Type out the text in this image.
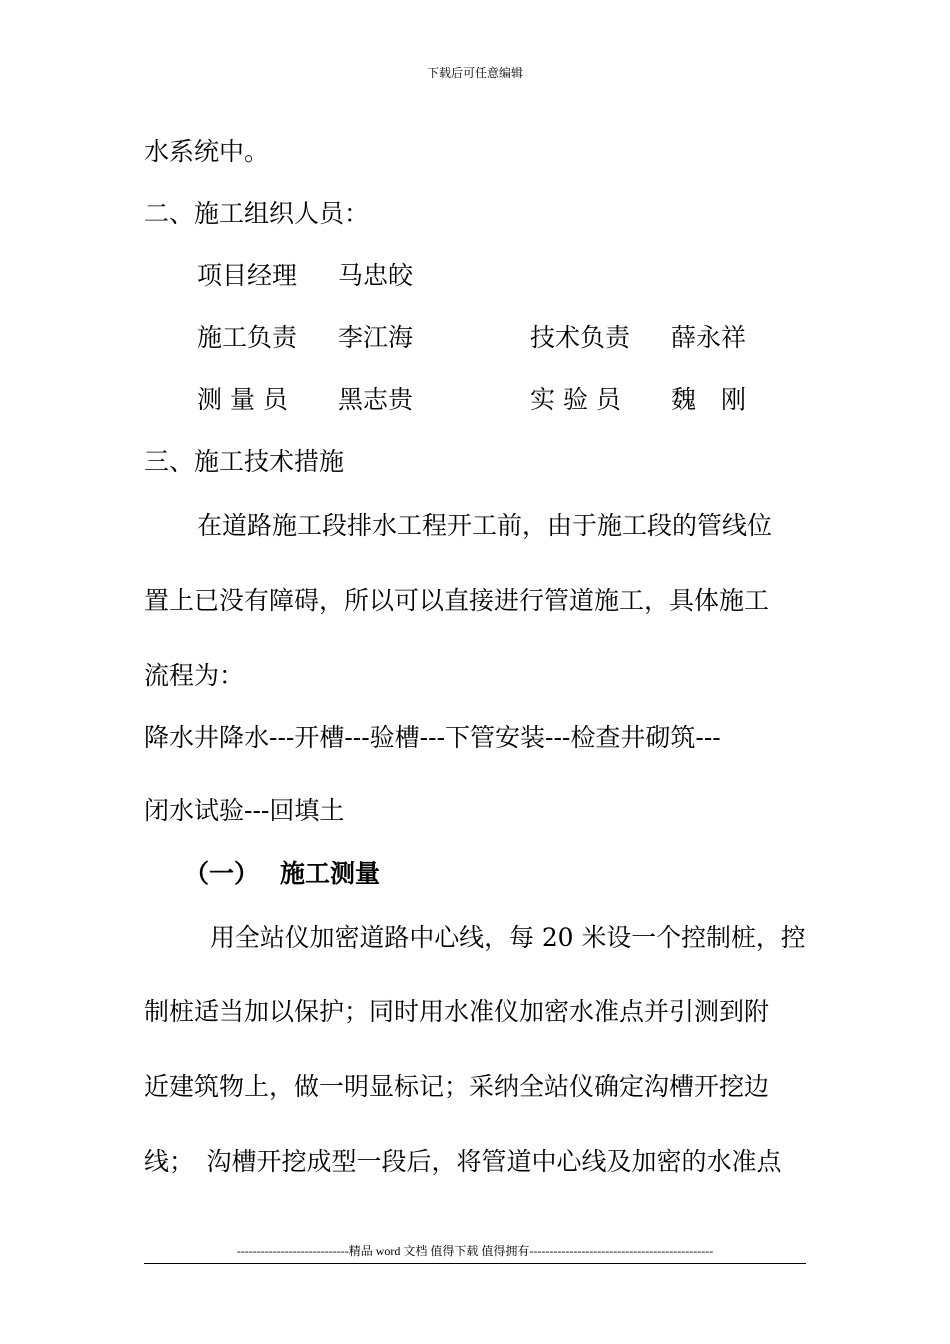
下载后可任意编辑
水系统中。
二、施工组织人员：
项目经理 马忠皎
施工负责 李江海	技术负责 薛永祥
测 量 员 黑志贵	实 验 员 魏　刚
三、施工技术措施
在道路施工段排水工程开工前，由于施工段的管线位
置上已没有障碍，所以可以直接进行管道施工，具体施工
流程为：
降水井降水---开槽---验槽---下管安装---检查井砌筑---
闭水试验---回填土
（一） 施工测量
用全站仪加密道路中心线，每 20 米设一个控制桩，控
制桩适当加以保护；同时用水准仪加密水准点并引测到附
近建筑物上，做一明显标记；采纳全站仪确定沟槽开挖边
线；　沟槽开挖成型一段后，将管道中心线及加密的水准点
----------------------------精品 word 文档 值得下载 值得拥有----------------------------------------------
